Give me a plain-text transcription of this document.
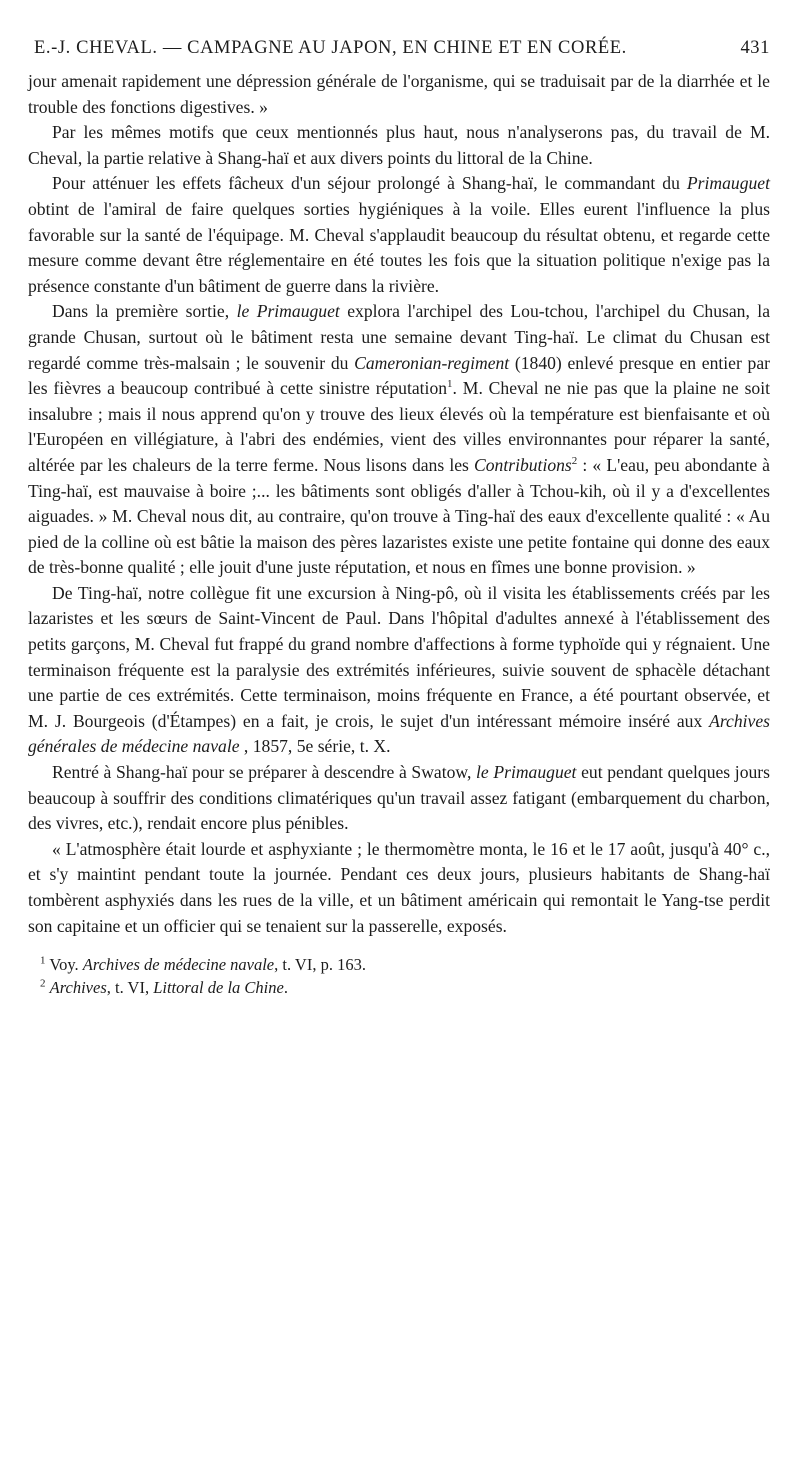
E.-J. CHEVAL. — CAMPAGNE AU JAPON, EN CHINE ET EN CORÉE.	431

jour amenait rapidement une dépression générale de l'organisme, qui se traduisait par de la diarrhée et le trouble des fonctions digestives. »

Par les mêmes motifs que ceux mentionnés plus haut, nous n'analyserons pas, du travail de M. Cheval, la partie relative à Shang-haï et aux divers points du littoral de la Chine.

Pour atténuer les effets fâcheux d'un séjour prolongé à Shang-haï, le commandant du Primauguet obtint de l'amiral de faire quelques sorties hygiéniques à la voile. Elles eurent l'influence la plus favorable sur la santé de l'équipage. M. Cheval s'applaudit beaucoup du résultat obtenu, et regarde cette mesure comme devant être réglementaire en été toutes les fois que la situation politique n'exige pas la présence constante d'un bâtiment de guerre dans la rivière.

Dans la première sortie, le Primauguet explora l'archipel des Lou-tchou, l'archipel du Chusan, la grande Chusan, surtout où le bâtiment resta une semaine devant Ting-haï. Le climat du Chusan est regardé comme très-malsain ; le souvenir du Cameronian-regiment (1840) enlevé presque en entier par les fièvres a beaucoup contribué à cette sinistre réputation$^1$. M. Cheval ne nie pas que la plaine ne soit insalubre ; mais il nous apprend qu'on y trouve des lieux élevés où la température est bienfaisante et où l'Européen en villégiature, à l'abri des endémies, vient des villes environnantes pour réparer la santé, altérée par les chaleurs de la terre ferme. Nous lisons dans les Contributions$^2$ : « L'eau, peu abondante à Ting-haï, est mauvaise à boire ;... les bâtiments sont obligés d'aller à Tchou-kih, où il y a d'excellentes aiguades. » M. Cheval nous dit, au contraire, qu'on trouve à Ting-haï des eaux d'excellente qualité : « Au pied de la colline où est bâtie la maison des pères lazaristes existe une petite fontaine qui donne des eaux de très-bonne qualité ; elle jouit d'une juste réputation, et nous en fîmes une bonne provision. »

De Ting-haï, notre collègue fit une excursion à Ning-pô, où il visita les établissements créés par les lazaristes et les sœurs de Saint-Vincent de Paul. Dans l'hôpital d'adultes annexé à l'établissement des petits garçons, M. Cheval fut frappé du grand nombre d'affections à forme typhoïde qui y régnaient. Une terminaison fréquente est la paralysie des extrémités inférieures, suivie souvent de sphacèle détachant une partie de ces extrémités. Cette terminaison, moins fréquente en France, a été pourtant observée, et M. J. Bourgeois (d'Étampes) en a fait, je crois, le sujet d'un intéressant mémoire inséré aux Archives générales de médecine navale , 1857, 5e série, t. X.

Rentré à Shang-haï pour se préparer à descendre à Swatow, le Primauguet eut pendant quelques jours beaucoup à souffrir des conditions climatériques qu'un travail assez fatigant (embarquement du charbon, des vivres, etc.), rendait encore plus pénibles.

« L'atmosphère était lourde et asphyxiante ; le thermomètre monta, le 16 et le 17 août, jusqu'à 40° c., et s'y maintint pendant toute la journée. Pendant ces deux jours, plusieurs habitants de Shang-haï tombèrent asphyxiés dans les rues de la ville, et un bâtiment américain qui remontait le Yang-tse perdit son capitaine et un officier qui se tenaient sur la passerelle, exposés.

$^1$ Voy. Archives de médecine navale, t. VI, p. 163.
$^2$ Archives, t. VI, Littoral de la Chine.
